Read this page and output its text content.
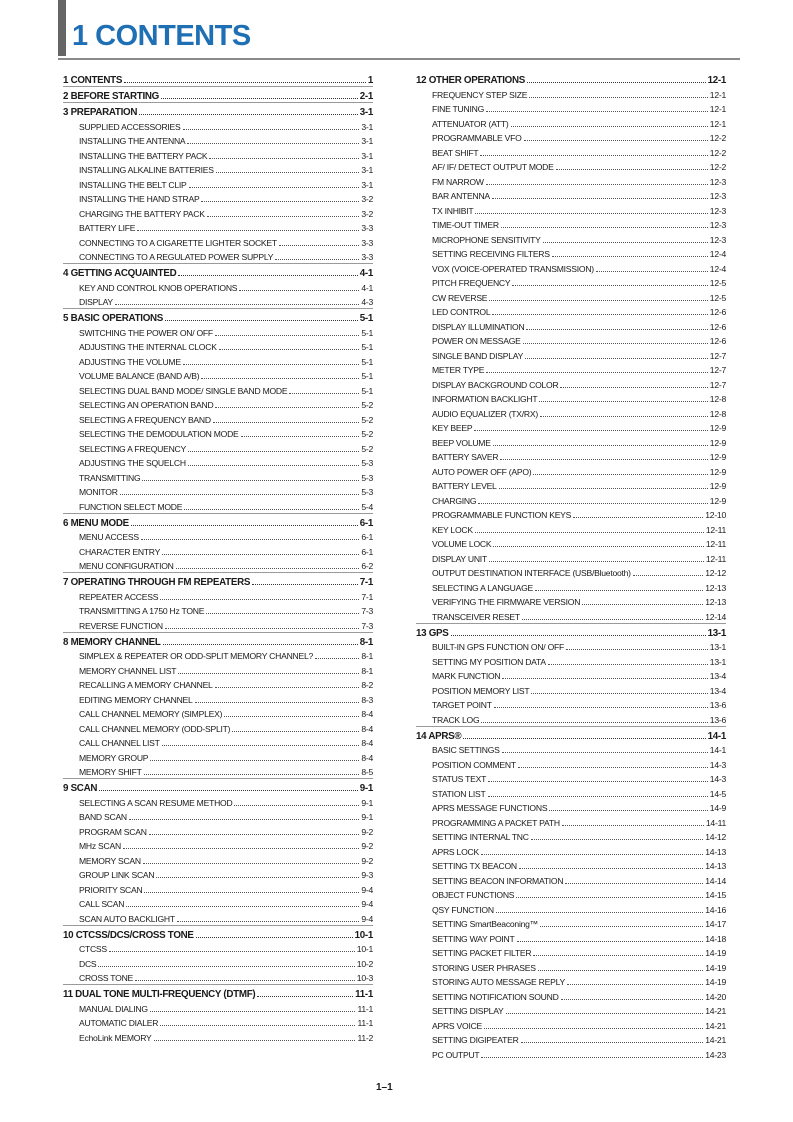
1 CONTENTS
1 CONTENTS	1
2 BEFORE STARTING	2-1
3 PREPARATION	3-1
SUPPLIED ACCESSORIES	3-1
INSTALLING THE ANTENNA	3-1
INSTALLING THE BATTERY PACK	3-1
INSTALLING ALKALINE BATTERIES	3-1
INSTALLING THE BELT CLIP	3-1
INSTALLING THE HAND STRAP	3-2
CHARGING THE BATTERY PACK	3-2
BATTERY LIFE	3-3
CONNECTING TO A CIGARETTE LIGHTER SOCKET	3-3
CONNECTING TO A REGULATED POWER SUPPLY	3-3
4 GETTING ACQUAINTED	4-1
KEY AND CONTROL KNOB OPERATIONS	4-1
DISPLAY	4-3
5 BASIC OPERATIONS	5-1
SWITCHING THE POWER ON/ OFF	5-1
ADJUSTING THE INTERNAL CLOCK	5-1
ADJUSTING THE VOLUME	5-1
VOLUME BALANCE (BAND A/B)	5-1
SELECTING DUAL BAND MODE/ SINGLE BAND MODE	5-1
SELECTING AN OPERATION BAND	5-2
SELECTING A FREQUENCY BAND	5-2
SELECTING THE DEMODULATION MODE	5-2
SELECTING A FREQUENCY	5-2
ADJUSTING THE SQUELCH	5-3
TRANSMITTING	5-3
MONITOR	5-3
FUNCTION SELECT MODE	5-4
6 MENU MODE	6-1
MENU ACCESS	6-1
CHARACTER ENTRY	6-1
MENU CONFIGURATION	6-2
7 OPERATING THROUGH FM REPEATERS	7-1
REPEATER ACCESS	7-1
TRANSMITTING A 1750 Hz TONE	7-3
REVERSE FUNCTION	7-3
8 MEMORY CHANNEL	8-1
SIMPLEX & REPEATER OR ODD-SPLIT MEMORY CHANNEL?	8-1
MEMORY CHANNEL LIST	8-1
RECALLING A MEMORY CHANNEL	8-2
EDITING MEMORY CHANNEL	8-3
CALL CHANNEL MEMORY (SIMPLEX)	8-4
CALL CHANNEL MEMORY (ODD-SPLIT)	8-4
CALL CHANNEL LIST	8-4
MEMORY GROUP	8-4
MEMORY SHIFT	8-5
9 SCAN	9-1
SELECTING A SCAN RESUME METHOD	9-1
BAND SCAN	9-1
PROGRAM SCAN	9-2
MHz SCAN	9-2
MEMORY SCAN	9-2
GROUP LINK SCAN	9-3
PRIORITY SCAN	9-4
CALL SCAN	9-4
SCAN AUTO BACKLIGHT	9-4
10 CTCSS/DCS/CROSS TONE	10-1
CTCSS	10-1
DCS	10-2
CROSS TONE	10-3
11 DUAL TONE MULTI-FREQUENCY (DTMF)	11-1
MANUAL DIALING	11-1
AUTOMATIC DIALER	11-1
EchoLink MEMORY	11-2
12 OTHER OPERATIONS	12-1
FREQUENCY STEP SIZE	12-1
FINE TUNING	12-1
ATTENUATOR (ATT)	12-1
PROGRAMMABLE VFO	12-2
BEAT SHIFT	12-2
AF/ IF/ DETECT OUTPUT MODE	12-2
FM NARROW	12-3
BAR ANTENNA	12-3
TX INHIBIT	12-3
TIME-OUT TIMER	12-3
MICROPHONE SENSITIVITY	12-3
SETTING RECEIVING FILTERS	12-4
VOX (VOICE-OPERATED TRANSMISSION)	12-4
PITCH FREQUENCY	12-5
CW REVERSE	12-5
LED CONTROL	12-6
DISPLAY ILLUMINATION	12-6
POWER ON MESSAGE	12-6
SINGLE BAND DISPLAY	12-7
METER TYPE	12-7
DISPLAY BACKGROUND COLOR	12-7
INFORMATION BACKLIGHT	12-8
AUDIO EQUALIZER (TX/RX)	12-8
KEY BEEP	12-9
BEEP VOLUME	12-9
BATTERY SAVER	12-9
AUTO POWER OFF (APO)	12-9
BATTERY LEVEL	12-9
CHARGING	12-9
PROGRAMMABLE FUNCTION KEYS	12-10
KEY LOCK	12-11
VOLUME LOCK	12-11
DISPLAY UNIT	12-11
OUTPUT DESTINATION INTERFACE (USB/Bluetooth)	12-12
SELECTING A LANGUAGE	12-13
VERIFYING THE FIRMWARE VERSION	12-13
TRANSCEIVER RESET	12-14
13 GPS	13-1
BUILT-IN GPS FUNCTION ON/ OFF	13-1
SETTING MY POSITION DATA	13-1
MARK FUNCTION	13-4
POSITION MEMORY LIST	13-4
TARGET POINT	13-6
TRACK LOG	13-6
14 APRS®	14-1
BASIC SETTINGS	14-1
POSITION COMMENT	14-3
STATUS TEXT	14-3
STATION LIST	14-5
APRS MESSAGE FUNCTIONS	14-9
PROGRAMMING A PACKET PATH	14-11
SETTING INTERNAL TNC	14-12
APRS LOCK	14-13
SETTING TX BEACON	14-13
SETTING BEACON INFORMATION	14-14
OBJECT FUNCTIONS	14-15
QSY FUNCTION	14-16
SETTING SmartBeaconing™	14-17
SETTING WAY POINT	14-18
SETTING PACKET FILTER	14-19
STORING USER PHRASES	14-19
STORING AUTO MESSAGE REPLY	14-19
SETTING NOTIFICATION SOUND	14-20
SETTING DISPLAY	14-21
APRS VOICE	14-21
SETTING DIGIPEATER	14-21
PC OUTPUT	14-23
1–1
